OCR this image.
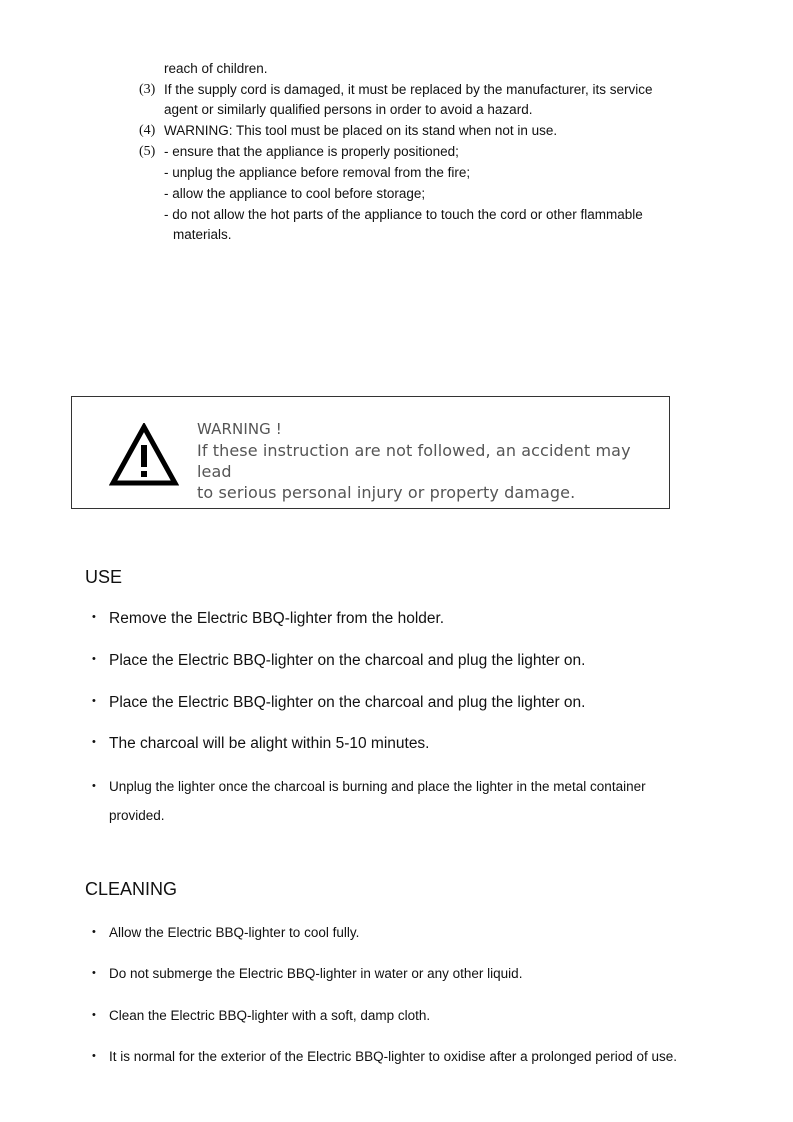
reach of children.
(3) If the supply cord is damaged, it must be replaced by the manufacturer, its service
agent or similarly qualified persons in order to avoid a hazard.
(4) WARNING: This tool must be placed on its stand when not in use.
(5) - ensure that the appliance is properly positioned;
- unplug the appliance before removal from the fire;
- allow the appliance to cool before storage;
- do not allow the hot parts of the appliance to touch the cord or other flammable
materials.
WARNING !
If these instruction are not followed, an accident may lead
to serious personal injury or property damage.
USE
• Remove the Electric BBQ-lighter from the holder.
• Place the Electric BBQ-lighter on the charcoal and plug the lighter on.
• Place the Electric BBQ-lighter on the charcoal and plug the lighter on.
• The charcoal will be alight within 5-10 minutes.
• Unplug the lighter once the charcoal is burning and place the lighter in the metal container
provided.
CLEANING
• Allow the Electric BBQ-lighter to cool fully.
• Do not submerge the Electric BBQ-lighter in water or any other liquid.
• Clean the Electric BBQ-lighter with a soft, damp cloth.
• It is normal for the exterior of the Electric BBQ-lighter to oxidise after a prolonged period of use.
